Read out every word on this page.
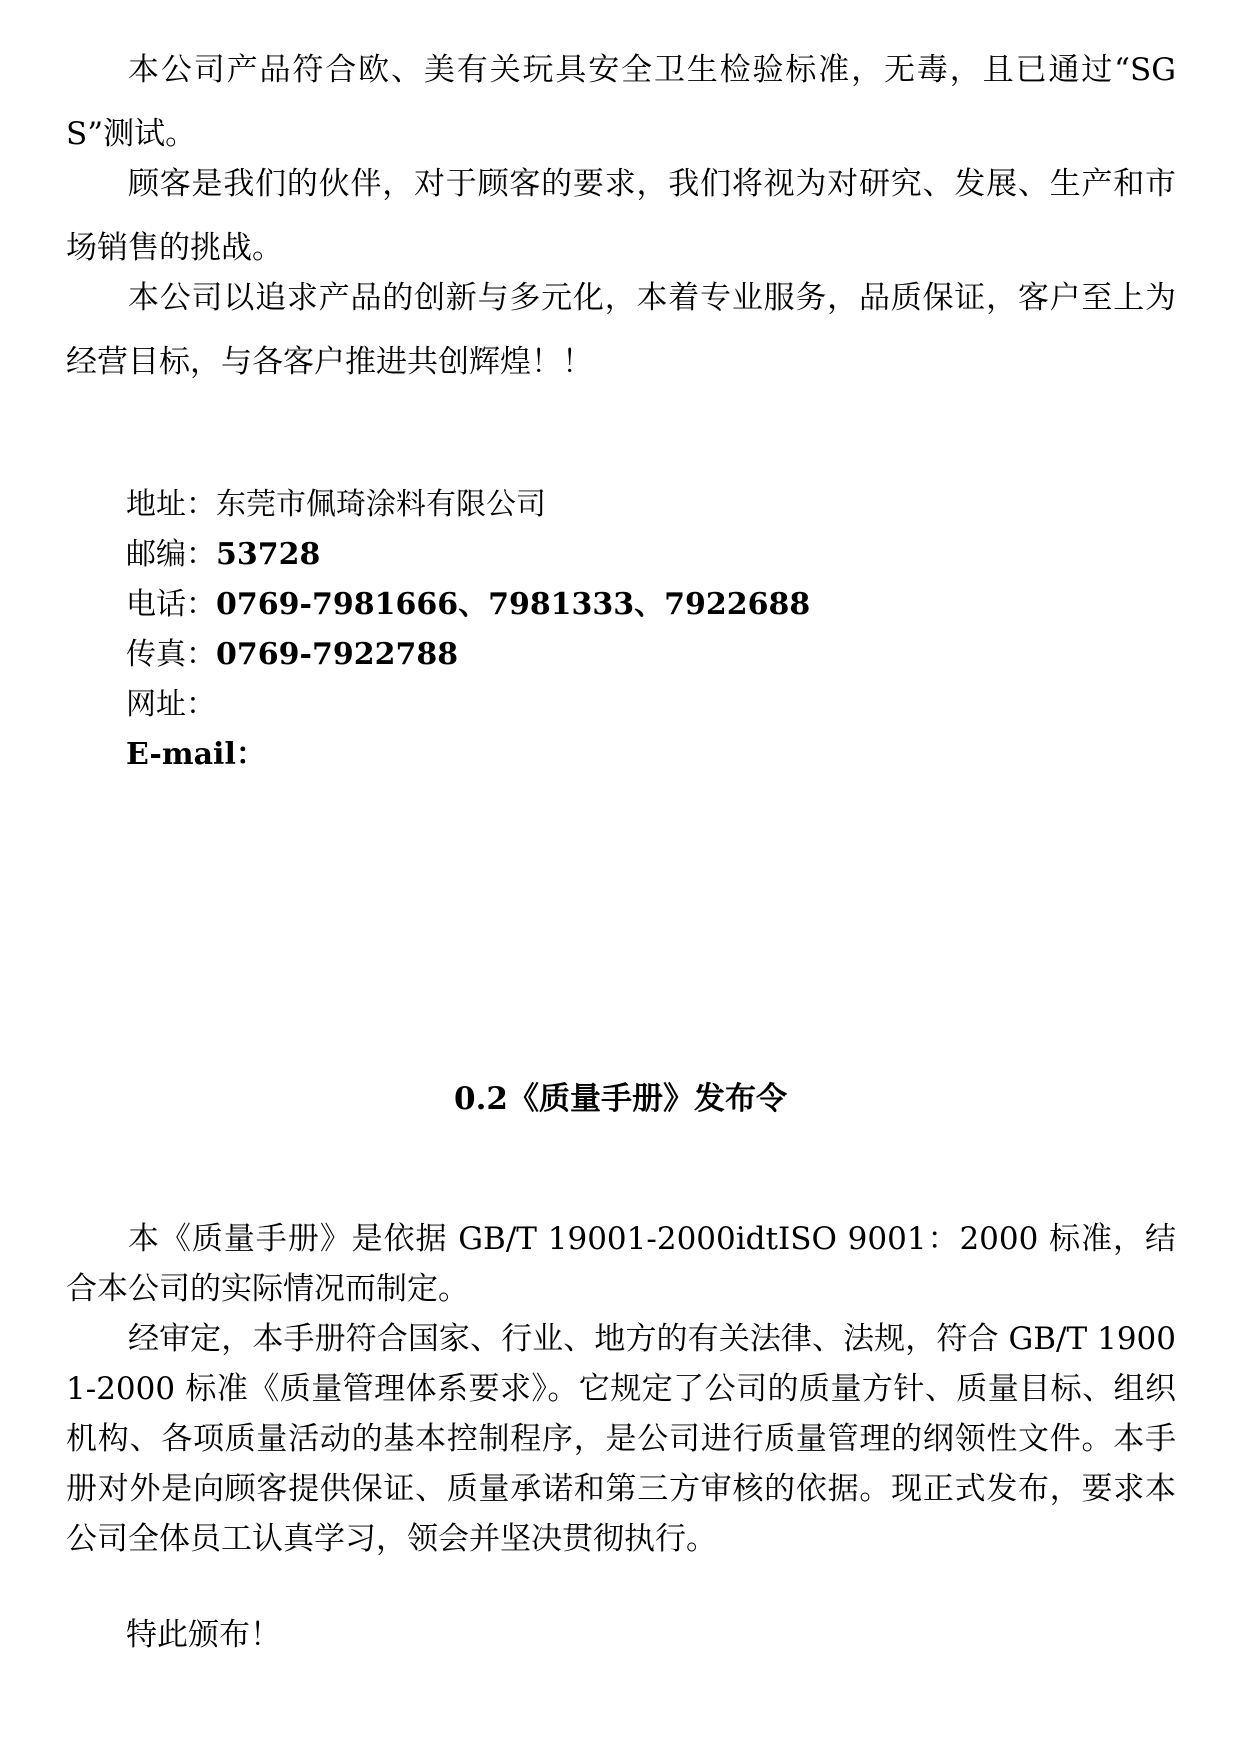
本公司产品符合欧、美有关玩具安全卫生检验标准，无毒，且已通过“SGS”测试。

顾客是我们的伙伴，对于顾客的要求，我们将视为对研究、发展、生产和市场销售的挑战。

本公司以追求产品的创新与多元化，本着专业服务，品质保证，客户至上为经营目标，与各客户推进共创辉煌！！

地址：东莞市佩琦涂料有限公司
邮编：53728
电话：0769-7981666、7981333、7922688
传真：0769-7922788
网址：
E-mail：
0.2《质量手册》发布令

本《质量手册》是依据 GB/T 19001-2000idtISO 9001：2000 标准，结合本公司的实际情况而制定。

经审定，本手册符合国家、行业、地方的有关法律、法规，符合 GB/T 19001-2000 标准《质量管理体系要求》。它规定了公司的质量方针、质量目标、组织机构、各项质量活动的基本控制程序，是公司进行质量管理的纲领性文件。本手册对外是向顾客提供保证、质量承诺和第三方审核的依据。现正式发布，要求本公司全体员工认真学习，领会并坚决贯彻执行。

特此颁布！
